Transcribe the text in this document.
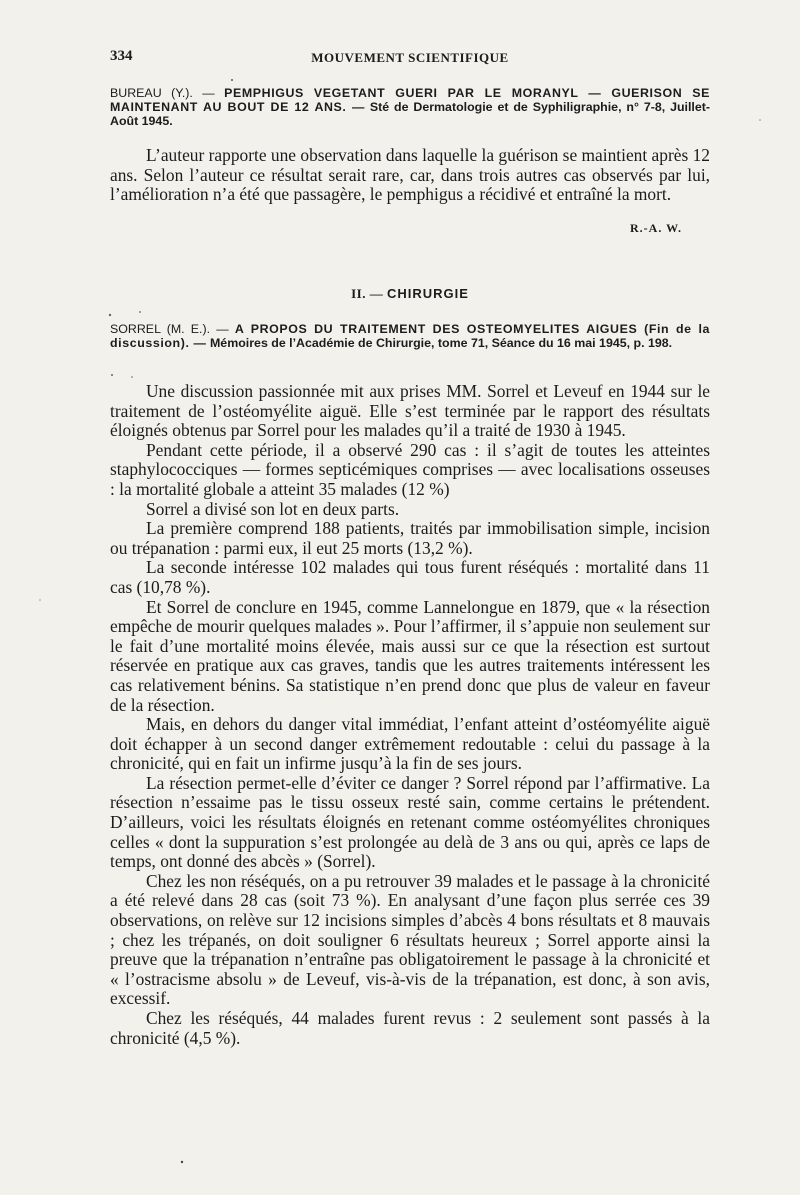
334	MOUVEMENT SCIENTIFIQUE
BUREAU (Y.). — PEMPHIGUS VEGETANT GUERI PAR LE MORANYL — GUERISON SE MAINTENANT AU BOUT DE 12 ANS. — Sté de Dermatologie et de Syphiligraphie, n° 7-8, Juillet-Août 1945.

L’auteur rapporte une observation dans laquelle la guérison se maintient après 12 ans. Selon l’auteur ce résultat serait rare, car, dans trois autres cas observés par lui, l’amélioration n’a été que passagère, le pemphigus a récidivé et entraîné la mort.

R.-A. W.
II. — CHIRURGIE
SORREL (M. E.). — A PROPOS DU TRAITEMENT DES OSTEOMYELITES AIGUES (Fin de la discussion). — Mémoires de l’Académie de Chirurgie, tome 71, Séance du 16 mai 1945, p. 198.

Une discussion passionnée mit aux prises MM. Sorrel et Leveuf en 1944 sur le traitement de l’ostéomyélite aiguë. Elle s’est terminée par le rapport des résultats éloignés obtenus par Sorrel pour les malades qu’il a traité de 1930 à 1945.

Pendant cette période, il a observé 290 cas : il s’agit de toutes les atteintes staphylococciques — formes septicémiques comprises — avec localisations osseuses : la mortalité globale a atteint 35 malades (12 %)

Sorrel a divisé son lot en deux parts.

La première comprend 188 patients, traités par immobilisation simple, incision ou trépanation : parmi eux, il eut 25 morts (13,2 %).

La seconde intéresse 102 malades qui tous furent réséqués : mortalité dans 11 cas (10,78 %).

Et Sorrel de conclure en 1945, comme Lannelongue en 1879, que « la résection empêche de mourir quelques malades ». Pour l’affirmer, il s’appuie non seulement sur le fait d’une mortalité moins élevée, mais aussi sur ce que la résection est surtout réservée en pratique aux cas graves, tandis que les autres traitements intéressent les cas relativement bénins. Sa statistique n’en prend donc que plus de valeur en faveur de la résection.

Mais, en dehors du danger vital immédiat, l’enfant atteint d’ostéomyélite aiguë doit échapper à un second danger extrêmement redoutable : celui du passage à la chronicité, qui en fait un infirme jusqu’à la fin de ses jours.

La résection permet-elle d’éviter ce danger ? Sorrel répond par l’affirmative. La résection n’essaime pas le tissu osseux resté sain, comme certains le prétendent. D’ailleurs, voici les résultats éloignés en retenant comme ostéomyélites chroniques celles « dont la suppuration s’est prolongée au delà de 3 ans ou qui, après ce laps de temps, ont donné des abcès » (Sorrel).

Chez les non réséqués, on a pu retrouver 39 malades et le passage à la chronicité a été relevé dans 28 cas (soit 73 %). En analysant d’une façon plus serrée ces 39 observations, on relève sur 12 incisions simples d’abcès 4 bons résultats et 8 mauvais ; chez les trépanés, on doit souligner 6 résultats heureux ; Sorrel apporte ainsi la preuve que la trépanation n’entraîne pas obligatoirement le passage à la chronicité et « l’ostracisme absolu » de Leveuf, vis-à-vis de la trépanation, est donc, à son avis, excessif.

Chez les réséqués, 44 malades furent revus : 2 seulement sont passés à la chronicité (4,5 %).
